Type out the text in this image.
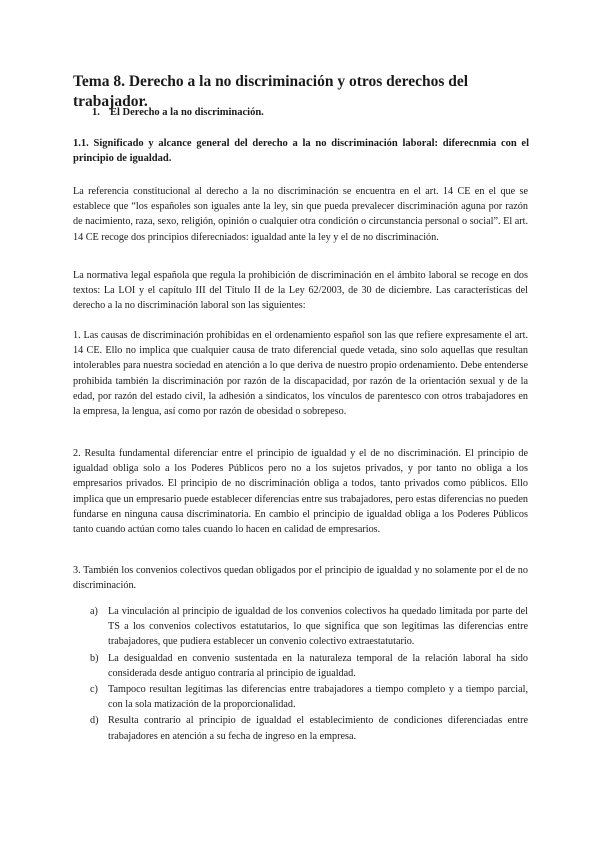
Tema 8. Derecho a la no discriminación y otros derechos del trabajador.
1. El Derecho a la no discriminación.
1.1. Significado y alcance general del derecho a la no discriminación laboral: diferecnmia con el principio de igualdad.

La referencia constitucional al derecho a la no discriminación se encuentra en el art. 14 CE en el que se establece que “los españoles son iguales ante la ley, sin que pueda prevalecer discriminación aguna por razón de nacimiento, raza, sexo, religión, opinión o cualquier otra condición o circunstancia personal o social”. El art. 14 CE recoge dos principios diferecniados: igualdad ante la ley y el de no discriminación.

La normativa legal española que regula la prohibición de discriminación en el ámbito laboral se recoge en dos textos: La LOI y el capítulo III del Título II de la Ley 62/2003, de 30 de diciembre. Las características del derecho a la no discriminación laboral son las siguientes:

1. Las causas de discriminación prohibidas en el ordenamiento español son las que refiere expresamente el art. 14 CE. Ello no implica que cualquier causa de trato diferencial quede vetada, sino solo aquellas que resultan intolerables para nuestra sociedad en atención a lo que deriva de nuestro propio ordenamiento. Debe entenderse prohibida también la discriminación por razón de la discapacidad, por razón de la orientación sexual y de la edad, por razón del estado civil, la adhesión a sindicatos, los vínculos de parentesco con otros trabajadores en la empresa, la lengua, así como por razón de obesidad o sobrepeso.

2. Resulta fundamental diferenciar entre el principio de igualdad y el de no discriminación. El principio de igualdad obliga solo a los Poderes Públicos pero no a los sujetos privados, y por tanto no obliga a los empresarios privados. El principio de no discriminación obliga a todos, tanto privados como públicos. Ello implica que un empresario puede establecer diferencias entre sus trabajadores, pero estas diferencias no pueden fundarse en ninguna causa discriminatoria. En cambio el principio de igualdad obliga a los Poderes Públicos tanto cuando actúan como tales cuando lo hacen en calidad de empresarios.

3. También los convenios colectivos quedan obligados por el principio de igualdad y no solamente por el de no discriminación.

a) La vinculación al principio de igualdad de los convenios colectivos ha quedado limitada por parte del TS a los convenios colectivos estatutarios, lo que significa que son legítimas las diferencias entre trabajadores, que pudiera establecer un convenio colectivo extraestatutario.
b) La desigualdad en convenio sustentada en la naturaleza temporal de la relación laboral ha sido considerada desde antiguo contraria al principio de igualdad.
c) Tampoco resultan legítimas las diferencias entre trabajadores a tiempo completo y a tiempo parcial, con la sola matización de la proporcionalidad.
d) Resulta contrario al principio de igualdad el establecimiento de condiciones diferenciadas entre trabajadores en atención a su fecha de ingreso en la empresa.
